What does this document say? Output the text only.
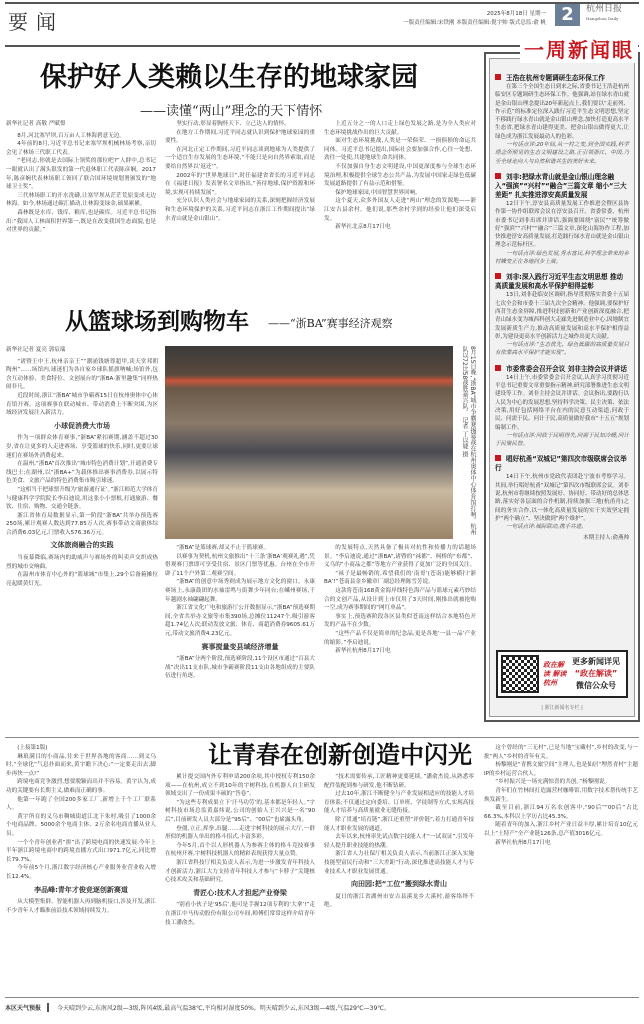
要闻	2025年8月18日 星期一
一版责任编辑:宋铁刚 本版责任编辑:倪宇帅 版式总监:俞 帆 2	杭州日报
Hangzhou Daily
保护好人类赖以生存的地球家园
——读懂“两山”理念的天下情怀

新华社记者 高敬 严赋憬

8月,河北塞罕坝,百万亩人工林海碧意无边。

4年前的8月,习近平总书记来塞罕坝机械林场考察,亲切会见了林场三代职工代表。

“老同志,你就是去国际上领奖的那位吧?”人群中,总书记一眼就认出了满头银发的第一代退休职工代表陈彦娴。2017年,陈彦娴代表林场职工领回了联合国环境规划署颁发的“地球卫士奖”。

三代林场职工的开水洗礴,让塞罕坝从茫茫荒原变成无边林海。如今,林场通过碳汇描动,让林海变绿金,硕果累累。

森林既是水库、钱库、粮库,也是碳库。习近平总书记指出:“我国人工林面积世界第一,既是在改变我国生态面貌,也是对世界的贡献。”

坚实行动,彰显着胸怀天下、立己达人的情怀。

在地方工作期间,习近平同志就认识到保护地球家园的重要性。

在河北正定工作期间,习近平同志谈到地球为人类提供了一个适宜生存发展的生态环境,“不能只是向自然界索取,而是要给自然界以‘返还’”。

2002年的“世界地球日”,时任福建省省长的习近平同志在《福建日报》发表署名文章指出,“善待地球,保护资源和环境,实现可持续发展”。

充分认识人类社会与地球家园的关系,深刻把握经济发展和生态环境保护的关系,习近平同志在浙江工作期间提出“绿水青山就是金山银山”。

上近五分之一的人口走上绿色发展之路,是为全人类应对生态环境挑战作出的巨大贡献。

面对生态环境挑战,人类是一荣俱荣、一损俱损的命运共同体。习近平总书记提出,国际社会要加强合作,心往一处想、劲往一处使,共建地球生命共同体。

不仅加强自身生态文明建设,中国更深度参与全球生态环境治理,积极提供全球生态公共产品,为发展中国家走绿色低碳发展道路提供了有益示范和借鉴。

保护地球家园,中国智慧世界回响。

这个夏天,众多外国友人走进“两山”理念的发源地——浙江安吉县余村。他们说,那些余村学到的经验让他们深受启发。

新华社北京8月17日电

王浩在杭州专题调研生态环保工作

在第三个全国生态日到来之际,省委书记王浩赴杭州临安区专题调研生态环保工作。他强调,站在绿水青山就是金山银山理念提出20年新起点上,我们要以“走前列、作示范”的标准定位深入践行习近平生态文明思想,坚定不移践行绿水青山就是金山银山理念,加快打造更高水平生态省,把绿水青山建得更美、把金山银山做得更大,让绿色成为浙江发展最动人的色彩。

一句话点评:20年间,从一村之变,到全国实践,科学理念所照见的生态文明建设之路,正引领浙江、中国,乃至全球走向人与自然和谐共生的美好未来。

刘非:把绿水青山就是金山银山理念融入“强滨”“兴村”“融合”三篇文章 缩小“三大差距” 扎实推进淳安高质量发展

12日下午,淳安县高质量发展工作推进会暨区县协作第一协作组联席会议在淳安县召开。省委常委、杭州市委书记刘非出席并讲话,强调要围绕“富民”“统筹做好“强滨”“兴村”“融合”三篇文章,深化山海协作工程,加快推进淳安高质量发展,打造践行绿水青山就是金山银山理念示范标杆区。

一句话点评:绿色发展,秀水富民,科学理念带来的乡村蝶变正在各地同步上演。

刘非:深入践行习近平生态文明思想 推动高质量发展和高水平保护相得益彰

13日,刘非赴临安区调研,指导贯彻落实省委十五届七次全会和市委十三届九次全会精神。他强调,要保护好西苕生态金屏障,推进科技创新和产业创新深度融合,把青山绿水变为城西科创大走廊先进制造业中心,因地制宜发展新质生产力,推动高质量发展和高水平保护相得益彰,为建设更高水平创新活力之城作出更大贡献。

一句话点评:“生态优先、绿色低碳的高质量发展只有依靠高水平保护才能实现”。

市委常委会召开会议 刘非主持会议并讲话

14日上午,市委常委会召开会议,认真学习贯彻习近平总书记重要文章重要指示精神,研究部署推进生态文明建设等工作。刘非主持会议并讲话。会议指出,要践行以人民为中心的发展思想,坚持科学决策、民主决策、依法决策,用好包括网络平台在内的民意互动渠道,问政于民、问需于民、问计于民,高质量做好我市“十五五”规划编制工作。

一句话点评:问政于民明得失,问需于民知冷暖,问计于民聚民智。

唱好杭甬“双城记”第四次市级联席会议举行

14日下午,杭州市党政代表团赴宁波市考察学习。其间,举行唱好杭甬“双城记”第四次市级联席会议。刘非说,杭州市将继续按照发展好、协同好、带动好的总体思路,落实好各层面的合作机制,持续加强三地(杭甬舟)之间的务实合作,以一体化高质量发展的实干实效坚定拥护“两个确立”、坚决做到“两个维护”。

一句话点评:城际联动,携手共进。

本期主持人:俞燕帅
政在解读 解读杭州
更多新闻详见
“政在解读”
微信公众号
| 浙江新闻名专栏 |
一周新闻眼
从篮球场到购物车 ——“浙BA”赛事经济观察

新华社记者 夏亮 郭宸瑞

“诸暨王中王,杭州亲亲王”“潮涌钱塘尊超甲,读天堂邦朝陶州”……场馆内,球迷们为各自家乡球队摇旗呐喊;场馆外,包含互动体验、美食特位、文创展台的“浙BA·浙里趣集”同样热闹非凡。

近段时间,浙江“浙BA”城市争霸赛15日在杭州奥体中心体育馆开赛。这项赛事在联动城市、带动消费上不断突围,为区域经济发展注入新活力。

小球促消费大市场

作为一项群众体育赛事,“浙BA”紧扣赛期,涵盖不超过30岁,省在让更多的人走进赛场、享受篮球的快乐,同时,更要让球迷们在赛场外消费起来。

在温州,“浙BA”首次推出“城市特色消费计划”,开通消费专线巴士;在湖州,以“浙BA+”为载体推出赛事消费券,以展示特色美食、文旅产品的特色消费集市吸引球迷。

“这相当于把球票升级为‘旅游通行证’。”浙江师范大学体育与健康科学学院院长李启迪说,用这张小小票根,打通旅游、餐饮、住宿、购物、交通全链条。

浙江省体育局数据显示,第一阶段“浙BA”共举办预选赛250场,累计观赛人数达到77.85万人次,赛事带动文商旅体综合消费6.03亿元,门票收入576.36万元。

文体旅商融合的实践

当夜幕降临,赛场内的助威声与赛场外的叫卖声交织成热烈的城市交响曲。

在温州市体育中心外的“篮球城”市集上,29个后备箱摊位亮起暖黄灯光。

8月15日晚,“浙BA”城市争霸赛揭幕战在杭州奥体中心体育馆打响。杭州队以72比58战胜嘉兴队。 记者 丁以婕 摄

“浙BA”是篮球赛,却又不止于篮球赛。

以赛事为契机,杭州文旅推出“十三条‘浙BA’观赛礼遇”,凭借观赛门票即可享受住宿、景区门票等优惠。台州在全市开辟了11个户外第二观赛空间。

“浙BA”的创意中场秀则成为展示地方文化的窗口。永康赛场上,永康鼓团的水袖雷鸣与街舞少年同台;在嵊州赛场,千年越剧水袖翩翩起舞。

浙江省文化广电和旅游厅公开数据显示,“浙BA”预选赛期间,全省共举办文旅等市集390场,总摊位11247个,吸引游客超1.74亿人次;联动发放文旅、体育、商超消费券9605.61万元,带动文旅消费4.23亿元。

赛事搅量变县域经济增量

“浙BA”分两个阶段,预选赛阶段,11个设区市通过“百县大战”决出11支市队,城市争霸赛阶段11支由各地组成的主要队伍进行角逐。

的发展特点,天然具备了极具对抗性和传播力的话题场景。“李启迪说,通过“浙BA”,诸暨的“袜都”、柯桥的“布都”、义乌的“小商品之都”等地方产业获得了更加广泛的全国关注。

“袜子是最畅销的,希望我们的‘南哥’(苍南)能够横扫‘浙BA’!”苍南县金乡徽章厂副总经理陈雪芳说。

这款将苍南168黄金海岸线特色海产品与篮球元素巧妙结合的文创产品,从设计到上市仅用了3天时间,刚推出就被抢购一空,成为赛事期间的“网红单品”。

事实上,预选赛阶段各区县类似苍南这样结合本地特色开发的产品不在少数。

“这些产品不仅是简单的纪念品,更是各地‘一县一品’产业的缩影。”李启迪说。

新华社杭州8月17日电

让青春在创新创造中闪光

(上接第1版)

琳琅满目的小商品,往来于世界各地的客商……到义乌时,“全球化”气息扑面而来,黄宇瞻下决心:“一定要走出去,脚步再快一点!”

跨境电商竞争激烈,想要脱颖而出并不容易。黄宇认为,成功的关键要有长期主义,做难而正确的事。

他第一年跑了全国200多家工厂,新增上千个工厂联系人。

黄宇所在的义乌市稠城街道江北下朱村,吸引了1000余个电商品牌、5000余个电商主体、2万余名电商直播从业人员。

一个个青年创业者“拼”出了跨境电商的快速发展:今年上半年浙江跨境电商中的跨境直播方式出口971.7亿元,同比增长79.7%。

今年前5个月,浙江数字经济核心产业服务业营业收入增长12.4%。

李品峰:青年才俊竞逐创新赛道

从大模型集群、智能机器人再到脑机接口,涉及开发,浙江不少青年人才瞄准前沿技术领域持续发力。

累计提交国内外专利申请200余项,其中授权专利150余项——在杭州,成立不到10年的宇树科技,在机器人自主研发领域交出了一份成果丰硕的“答卷”。

“为这些专利成果立下‘汗马功劳’的,基本都是年轻人。”宇树科技市场总监黄嘉炜说,公司的创始人王兴兴是一名“90后”,目前研发人员大部分是“95后”、“00后”也崭露头角。

登僵,立正,挥拳,出腿……走进宇树科技的展示大厅,一群形似的机器人单出的格斗招式,丰富多彩。

今年5月,首个以人形机器人为参赛主体的格斗竞技赛事在杭州开赛,宇树科技机器人的精彩表现获得大量点赞。

浙江省科技厅相关负责人表示,为进一步激发青年科技人才创新活力,浙江大力支持青年科技人才参与“卡脖子”关键核心技术攻关和基础研究。

青匠心:技术人才担起产业脊梁

“别看小伙子是‘95后’,他可是手握12项专利的‘大拿’!”走在浙江中马传动股份有限公司车间,师傅们常常这样介绍青年技工潘俞杰。

“技术需要传承,工匠精神更要延续。”潘俞杰说,从熟悉零配件装配到参与研发,他不断钻研。

过去10年,浙江不断健全与产业发展相适应的技能人才培育体系;不仅通过定向委培、订单班、学徒制等方式,实现高技能人才培养与高质量就业无缝衔接。

除了贯通“培育链”,浙江还重塑“评价链”,着力打通青年技能人才职业发展的通道。

去年以来,杭州率先试点数字技能人才“一试双证”,引发年轻人提升职业技能的热潮。

浙江省人力社保厅相关负责人表示,当前浙江正深入实施技能型富民行动和“三大差距”行动,深化推进高技能人才与专业技术人才职业发展贯通。

向田园:把“工位”搬到绿水青山

夏日的浙江省湖州市安吉县溪龙乡大溪村,游客络绎不绝。

这个曾经的“三无村”,已是当地“宝藏村”,乡村的改变,与一批“两人”乡村的青年有关。

杨黎刚是“青携文旅空间”主理人,也是仙居“埋然青村”主题IP的乡村运营合伙人。

“乡村振兴是一场充满惊喜的共创。”杨黎刚说。

青年们在竹林间打造露营村咖啡馆,用数字技术帮传统手艺焕发新生。

截至目前,浙江94万名农创客中,“90后”“00后”占比66.3%,本科以上学历占比45.3%。

随着青年的加入,浙江乡村产业日益丰厚,累计培育10亿元以上“土特产”全产业链126条,总产值3016亿元。

新华社杭州8月17日电

本区天气预报	今天晴到少云,东南风2级—3级,阵风4级,最高气温38℃,平均相对湿度50%。明天晴到少云,东风3级—4级,气温29℃—39℃。
